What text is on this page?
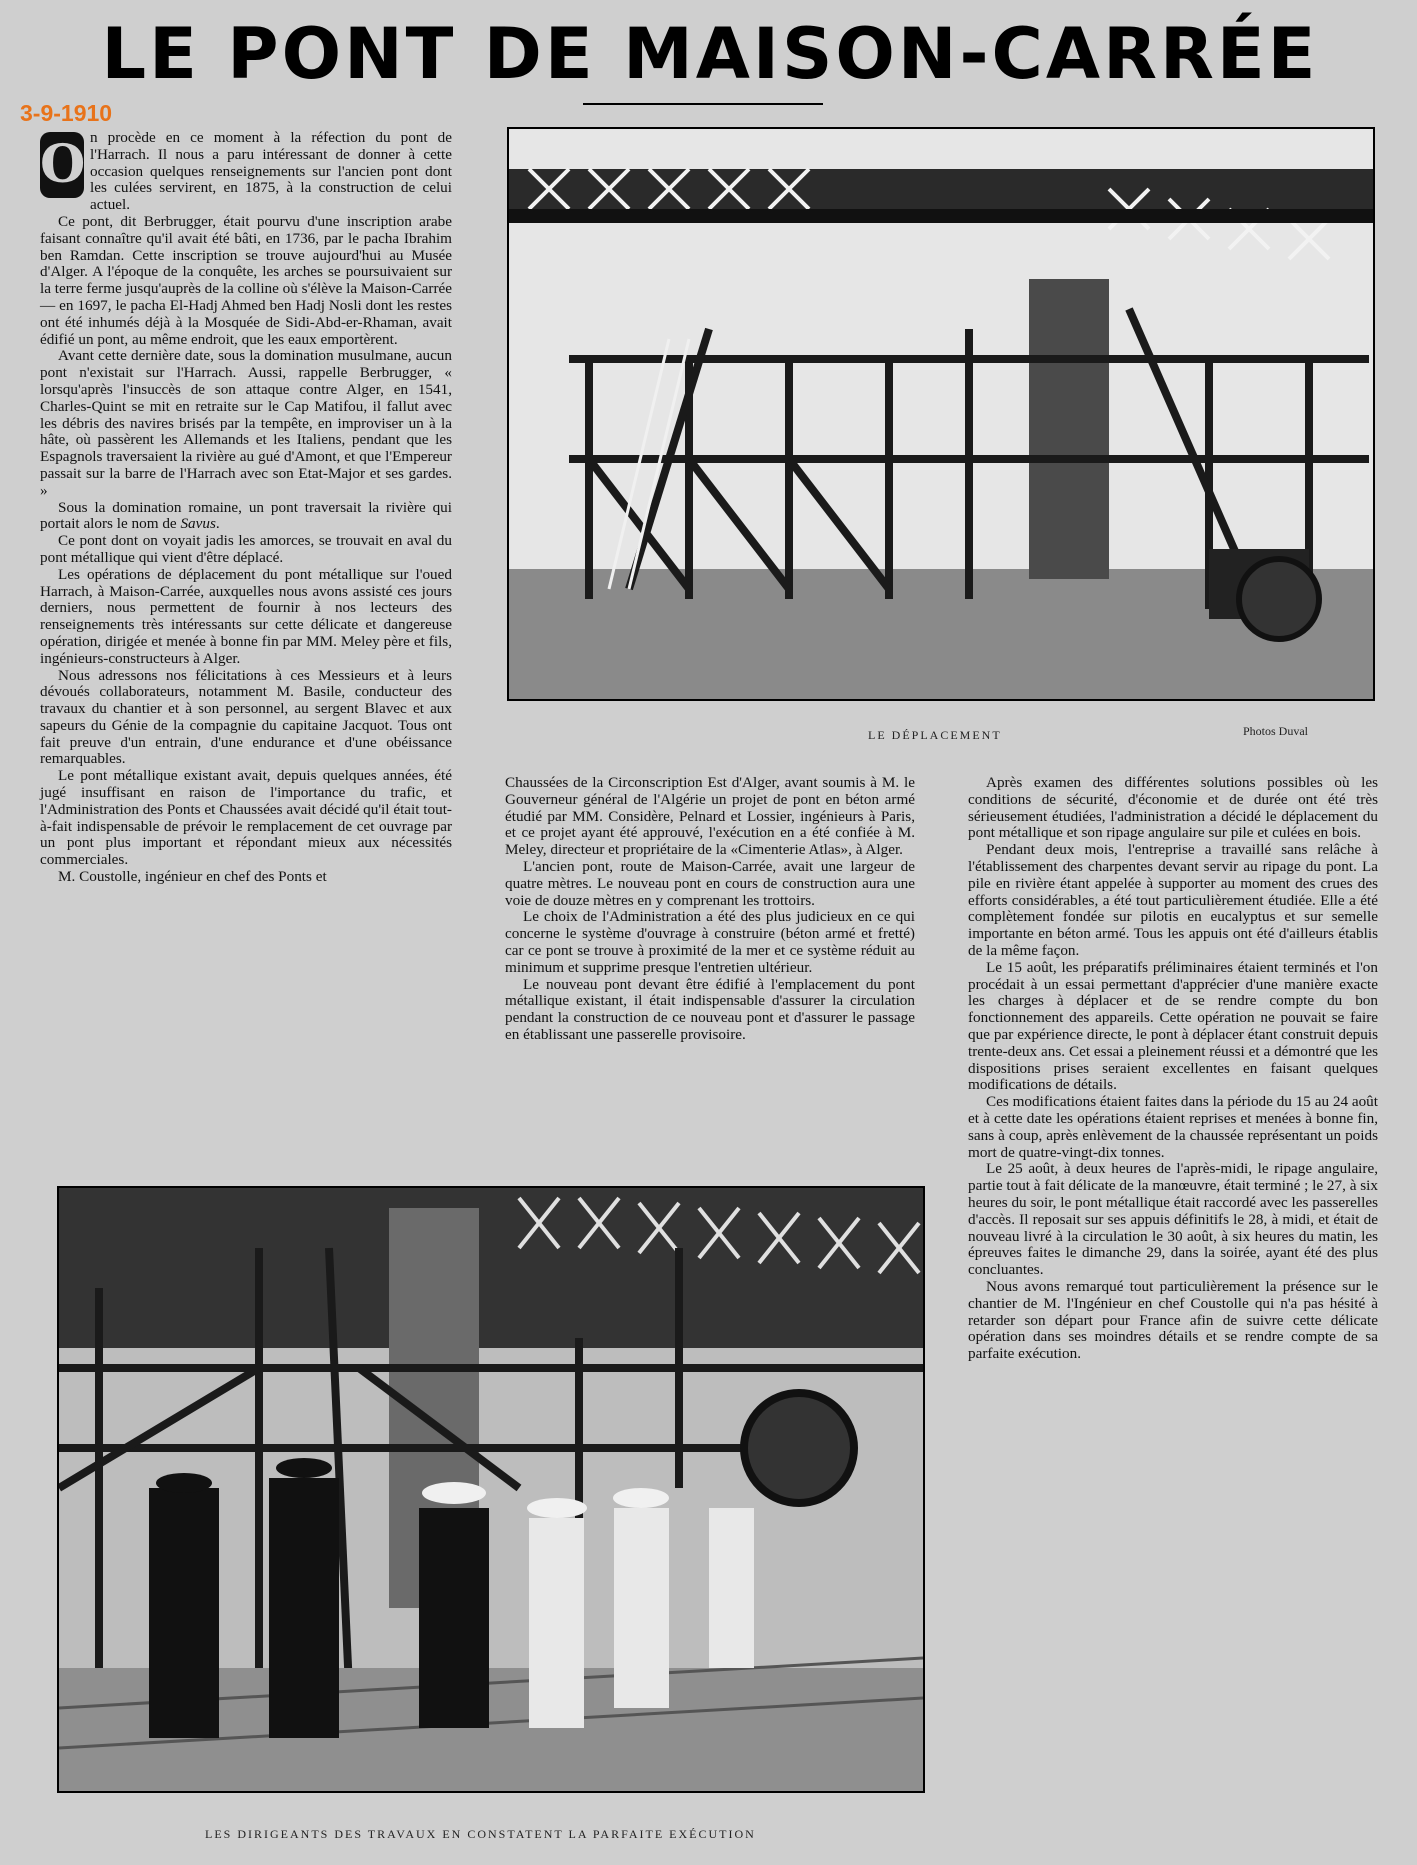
LE PONT DE MAISON-CARRÉE
3-9-1910

O n procède en ce moment à la réfection du pont de l'Harrach. Il nous a paru intéressant de donner à cette occasion quelques renseignements sur l'ancien pont dont les culées servirent, en 1875, à la construction de celui actuel.

Ce pont, dit Berbrugger, était pourvu d'une inscription arabe faisant connaître qu'il avait été bâti, en 1736, par le pacha Ibrahim ben Ramdan. Cette inscription se trouve aujourd'hui au Musée d'Alger. A l'époque de la conquête, les arches se poursuivaient sur la terre ferme jusqu'auprès de la colline où s'élève la Maison-Carrée — en 1697, le pacha El-Hadj Ahmed ben Hadj Nosli dont les restes ont été inhumés déjà à la Mosquée de Sidi-Abd-er-Rhaman, avait édifié un pont, au même endroit, que les eaux emportèrent.

Avant cette dernière date, sous la domination musulmane, aucun pont n'existait sur l'Harrach. Aussi, rappelle Berbrugger, « lorsqu'après l'insuccès de son attaque contre Alger, en 1541, Charles-Quint se mit en retraite sur le Cap Matifou, il fallut avec les débris des navires brisés par la tempête, en improviser un à la hâte, où passèrent les Allemands et les Italiens, pendant que les Espagnols traversaient la rivière au gué d'Amont, et que l'Empereur passait sur la barre de l'Harrach avec son Etat-Major et ses gardes. »

Sous la domination romaine, un pont traversait la rivière qui portait alors le nom de Savus.

Ce pont dont on voyait jadis les amorces, se trouvait en aval du pont métallique qui vient d'être déplacé.

Les opérations de déplacement du pont métallique sur l'oued Harrach, à Maison-Carrée, auxquelles nous avons assisté ces jours derniers, nous permettent de fournir à nos lecteurs des renseignements très intéressants sur cette délicate et dangereuse opération, dirigée et menée à bonne fin par MM. Meley père et fils, ingénieurs-constructeurs à Alger.

Nous adressons nos félicitations à ces Messieurs et à leurs dévoués collaborateurs, notamment M. Basile, conducteur des travaux du chantier et à son personnel, au sergent Blavec et aux sapeurs du Génie de la compagnie du capitaine Jacquot. Tous ont fait preuve d'un entrain, d'une endurance et d'une obéissance remarquables.

Le pont métallique existant avait, depuis quelques années, été jugé insuffisant en raison de l'importance du trafic, et l'Administration des Ponts et Chaussées avait décidé qu'il était tout-à-fait indispensable de prévoir le remplacement de cet ouvrage par un pont plus important et répondant mieux aux nécessités commerciales.

M. Coustolle, ingénieur en chef des Ponts et

LE DÉPLACEMENT	Photos Duval

Chaussées de la Circonscription Est d'Alger, avant soumis à M. le Gouverneur général de l'Algérie un projet de pont en béton armé étudié par MM. Considère, Pelnard et Lossier, ingénieurs à Paris, et ce projet ayant été approuvé, l'exécution en a été confiée à M. Meley, directeur et propriétaire de la «Cimenterie Atlas», à Alger.

L'ancien pont, route de Maison-Carrée, avait une largeur de quatre mètres. Le nouveau pont en cours de construction aura une voie de douze mètres en y comprenant les trottoirs.

Le choix de l'Administration a été des plus judicieux en ce qui concerne le système d'ouvrage à construire (béton armé et fretté) car ce pont se trouve à proximité de la mer et ce système réduit au minimum et supprime presque l'entretien ultérieur.

Le nouveau pont devant être édifié à l'emplacement du pont métallique existant, il était indispensable d'assurer la circulation pendant la construction de ce nouveau pont et d'assurer le passage en établissant une passerelle provisoire.

Après examen des différentes solutions possibles où les conditions de sécurité, d'économie et de durée ont été très sérieusement étudiées, l'administration a décidé le déplacement du pont métallique et son ripage angulaire sur pile et culées en bois.

Pendant deux mois, l'entreprise a travaillé sans relâche à l'établissement des charpentes devant servir au ripage du pont. La pile en rivière étant appelée à supporter au moment des crues des efforts considérables, a été tout particulièrement étudiée. Elle a été complètement fondée sur pilotis en eucalyptus et sur semelle importante en béton armé. Tous les appuis ont été d'ailleurs établis de la même façon.

Le 15 août, les préparatifs préliminaires étaient terminés et l'on procédait à un essai permettant d'apprécier d'une manière exacte les charges à déplacer et de se rendre compte du bon fonctionnement des appareils. Cette opération ne pouvait se faire que par expérience directe, le pont à déplacer étant construit depuis trente-deux ans. Cet essai a pleinement réussi et a démontré que les dispositions prises seraient excellentes en faisant quelques modifications de détails.

Ces modifications étaient faites dans la période du 15 au 24 août et à cette date les opérations étaient reprises et menées à bonne fin, sans à coup, après enlèvement de la chaussée représentant un poids mort de quatre-vingt-dix tonnes.

Le 25 août, à deux heures de l'après-midi, le ripage angulaire, partie tout à fait délicate de la manœuvre, était terminé ; le 27, à six heures du soir, le pont métallique était raccordé avec les passerelles d'accès. Il reposait sur ses appuis définitifs le 28, à midi, et était de nouveau livré à la circulation le 30 août, à six heures du matin, les épreuves faites le dimanche 29, dans la soirée, ayant été des plus concluantes.

Nous avons remarqué tout particulièrement la présence sur le chantier de M. l'Ingénieur en chef Coustolle qui n'a pas hésité à retarder son départ pour France afin de suivre cette délicate opération dans ses moindres détails et se rendre compte de sa parfaite exécution.

LES DIRIGEANTS DES TRAVAUX EN CONSTATENT LA PARFAITE EXÉCUTION
